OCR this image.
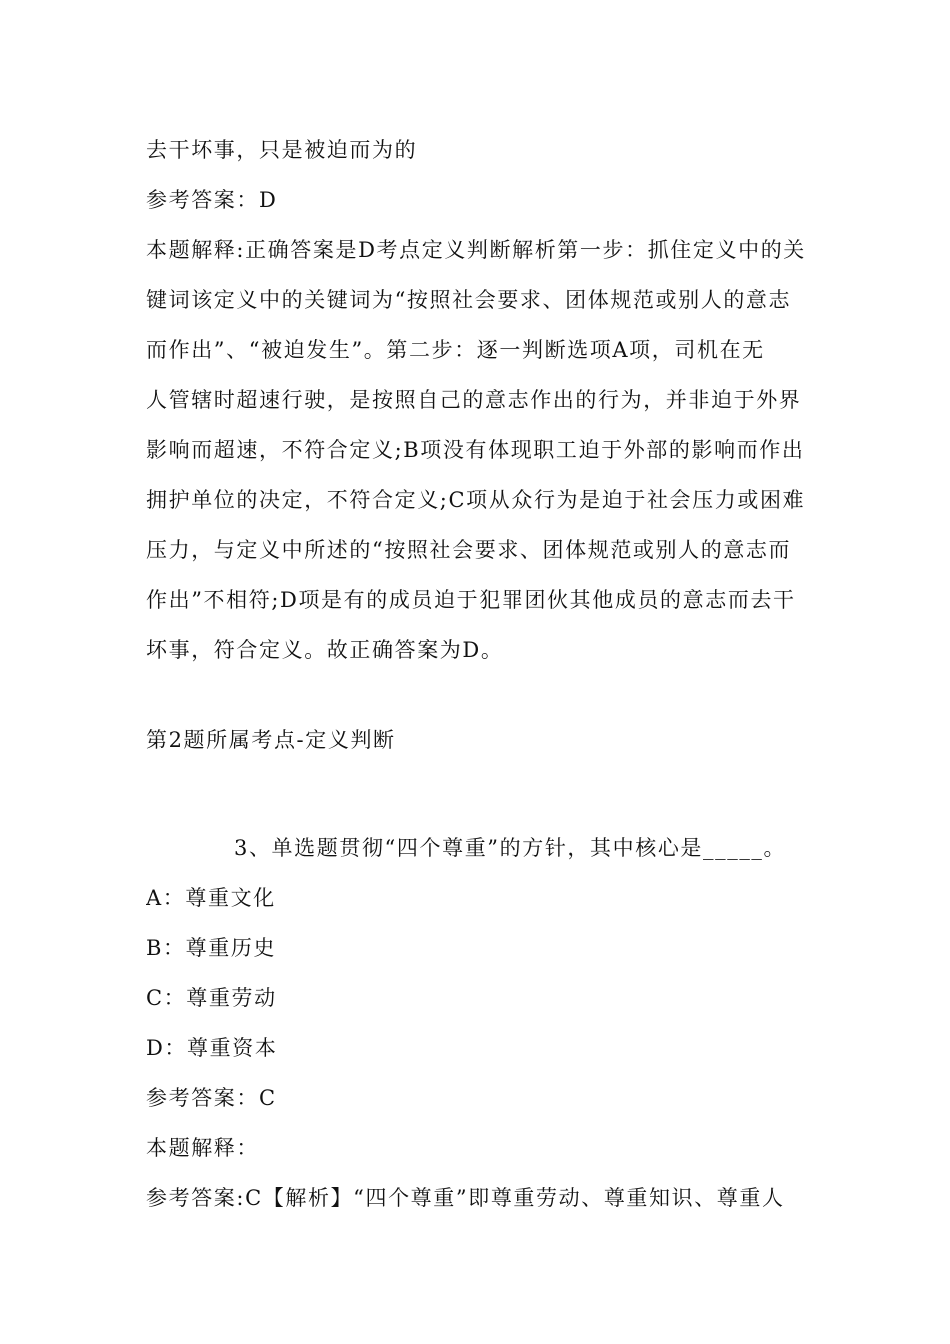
去干坏事，只是被迫而为的
参考答案：D
本题解释:正确答案是D考点定义判断解析第一步：抓住定义中的关
键词该定义中的关键词为“按照社会要求、团体规范或别人的意志
而作出”、“被迫发生”。第二步：逐一判断选项A项，司机在无
人管辖时超速行驶，是按照自己的意志作出的行为，并非迫于外界
影响而超速，不符合定义;B项没有体现职工迫于外部的影响而作出
拥护单位的决定，不符合定义;C项从众行为是迫于社会压力或困难
压力，与定义中所述的“按照社会要求、团体规范或别人的意志而
作出”不相符;D项是有的成员迫于犯罪团伙其他成员的意志而去干
坏事，符合定义。故正确答案为D。
第2题所属考点-定义判断
3、单选题贯彻“四个尊重”的方针，其中核心是_____。
A：尊重文化
B：尊重历史
C：尊重劳动
D：尊重资本
参考答案：C
本题解释：
参考答案:C【解析】“四个尊重”即尊重劳动、尊重知识、尊重人
